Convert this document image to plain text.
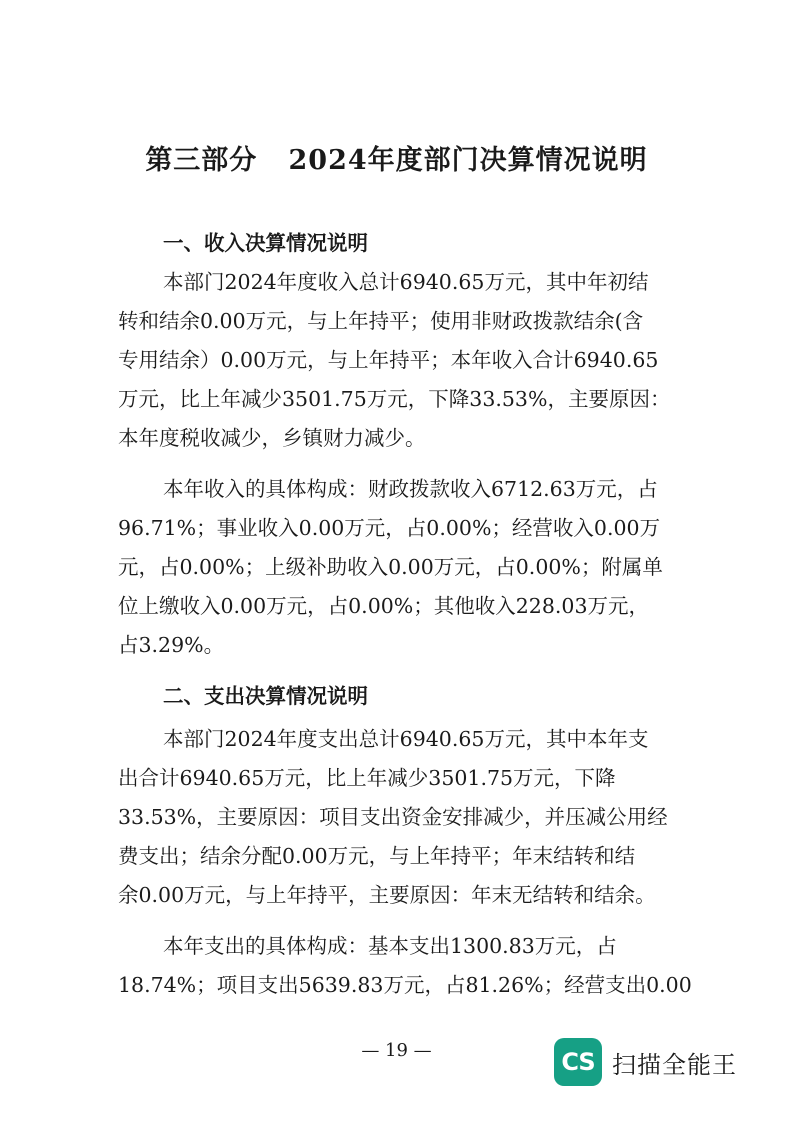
第三部分   2024年度部门决算情况说明
一、收入决算情况说明
本部门2024年度收入总计6940.65万元，其中年初结
转和结余0.00万元，与上年持平；使用非财政拨款结余(含
专用结余）0.00万元，与上年持平；本年收入合计6940.65
万元，比上年减少3501.75万元，下降33.53%，主要原因：
本年度税收减少，乡镇财力减少。
本年收入的具体构成：财政拨款收入6712.63万元，占
96.71%；事业收入0.00万元，占0.00%；经营收入0.00万
元，占0.00%；上级补助收入0.00万元，占0.00%；附属单
位上缴收入0.00万元，占0.00%；其他收入228.03万元，
占3.29%。
二、支出决算情况说明
本部门2024年度支出总计6940.65万元，其中本年支
出合计6940.65万元，比上年减少3501.75万元，下降
33.53%，主要原因：项目支出资金安排减少，并压减公用经
费支出；结余分配0.00万元，与上年持平；年末结转和结
余0.00万元，与上年持平，主要原因：年末无结转和结余。
本年支出的具体构成：基本支出1300.83万元，占
18.74%；项目支出5639.83万元，占81.26%；经营支出0.00
— 19 —	CS 扫描全能王
